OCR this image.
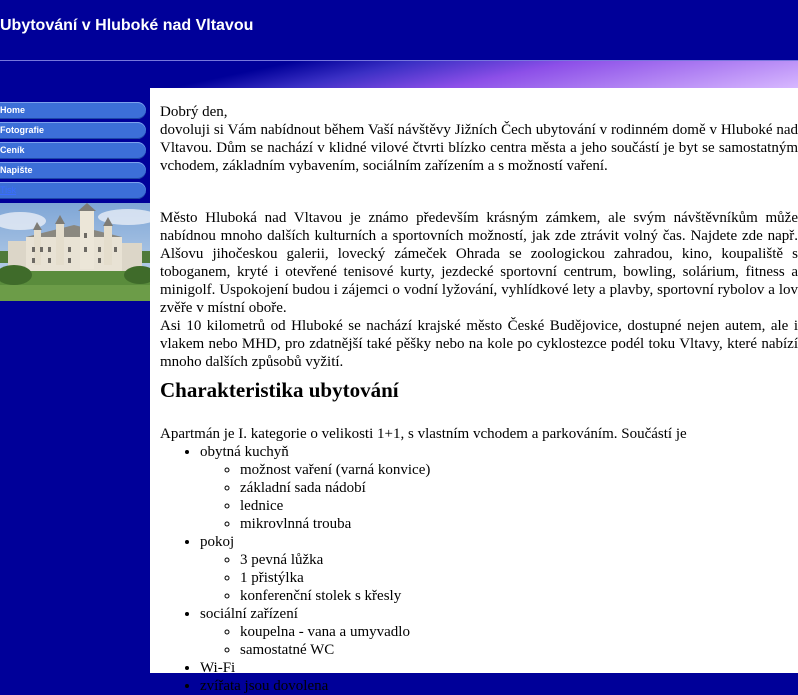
Ubytování v Hluboké nad Vltavou
Home
Fotografie
Ceník
Napište
Tisk

Dobrý den,

dovoluji si Vám nabídnout během Vaší návštěvy Jižních Čech ubytování v rodinném domě v Hluboké nad Vltavou. Dům se nachází v klidné vilové čtvrti blízko centra města a jeho součástí je byt se samostatným vchodem, základním vybavením, sociálním zařízením a s možností vaření.

Město Hluboká nad Vltavou je známo především krásným zámkem, ale svým návštěvníkům může nabídnou mnoho dalších kulturních a sportovních možností, jak zde ztrávit volný čas. Najdete zde např. Alšovu jihočeskou galerii, lovecký zámeček Ohrada se zoologickou zahradou, kino, koupaliště s toboganem, kryté i otevřené tenisové kurty, jezdecké sportovní centrum, bowling, solárium, fitness a minigolf. Uspokojení budou i zájemci o vodní lyžování, vyhlídkové lety a plavby, sportovní rybolov a lov zvěře v místní oboře.

Asi 10 kilometrů od Hluboké se nachází krajské město České Budějovice, dostupné nejen autem, ale i vlakem nebo MHD, pro zdatnější také pěšky nebo na kole po cyklostezce podél toku Vltavy, které nabízí mnoho dalších způsobů vyžití.

Charakteristika ubytování

Apartmán je I. kategorie o velikosti 1+1, s vlastním vchodem a parkováním. Součástí je

• obytná kuchyň
◦ možnost vaření (varná konvice)
◦ základní sada nádobí
◦ lednice
◦ mikrovlnná trouba
• pokoj
◦ 3 pevná lůžka
◦ 1 přistýlka
◦ konferenční stolek s křesly
• sociální zařízení
◦ koupelna - vana a umyvadlo
◦ samostatné WC
• Wi-Fi
• zvířata jsou dovolena
